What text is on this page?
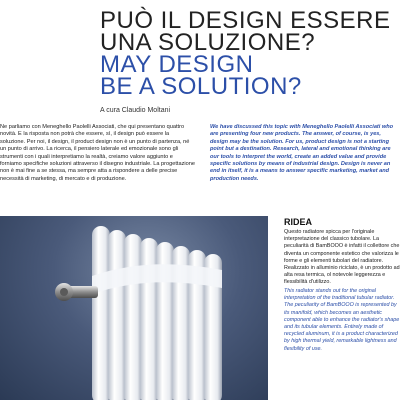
PUÒ IL DESIGN ESSERE
UNA SOLUZIONE?
MAY DESIGN
BE A SOLUTION?
A cura Claudio Moltani
Ne parliamo con Meneghello Paolelli Associati, che qui presentano quattro novità. E la risposta non potrà che essere, sì, il design può essere la soluzione. Per noi, il design, il product design non è un punto di partenza, né un punto di arrivo. La ricerca, il pensiero laterale ed emozionale sono gli strumenti con i quali interpretiamo la realtà, creiamo valore aggiunto e forniamo specifiche soluzioni attraverso il disegno industriale. La progettazione non è mai fine a se stessa, ma sempre atta a rispondere a delle precise necessità di marketing, di mercato e di produzione.
We have discussed this topic with Meneghello Paolelli Associati who are presenting four new products. The answer, of course, is yes, design may be the solution. For us, product design is not a starting point but a destination. Research, lateral and emotional thinking are our tools to interpret the world, create an added value and provide specific solutions by means of industrial design. Design is never an end in itself, it is a means to answer specific marketing, market and production needs.
RIDEA
Questo radiatore spicca per l'originale interpretazione del classico tubolare. La peculiarità di BamBOOO è infatti il collettore che diventa un componente estetico che valorizza le forme e gli elementi tubolari del radiatore. Realizzato in alluminio riciclato, è un prodotto ad alta resa termica, ol notevole leggerezza e flessibilità d'utilizzo.
This radiator stands out for the original interpretation of the traditional tubular radiator. The peculiarity of BamBOOO is represented by its manifold, which becomes an aesthetic component able to enhance the radiator's shape and its tubular elements. Entirely made of recycled aluminum, it is a product characterized by high thermal yield, remarkable lightness and flexibility of use.
